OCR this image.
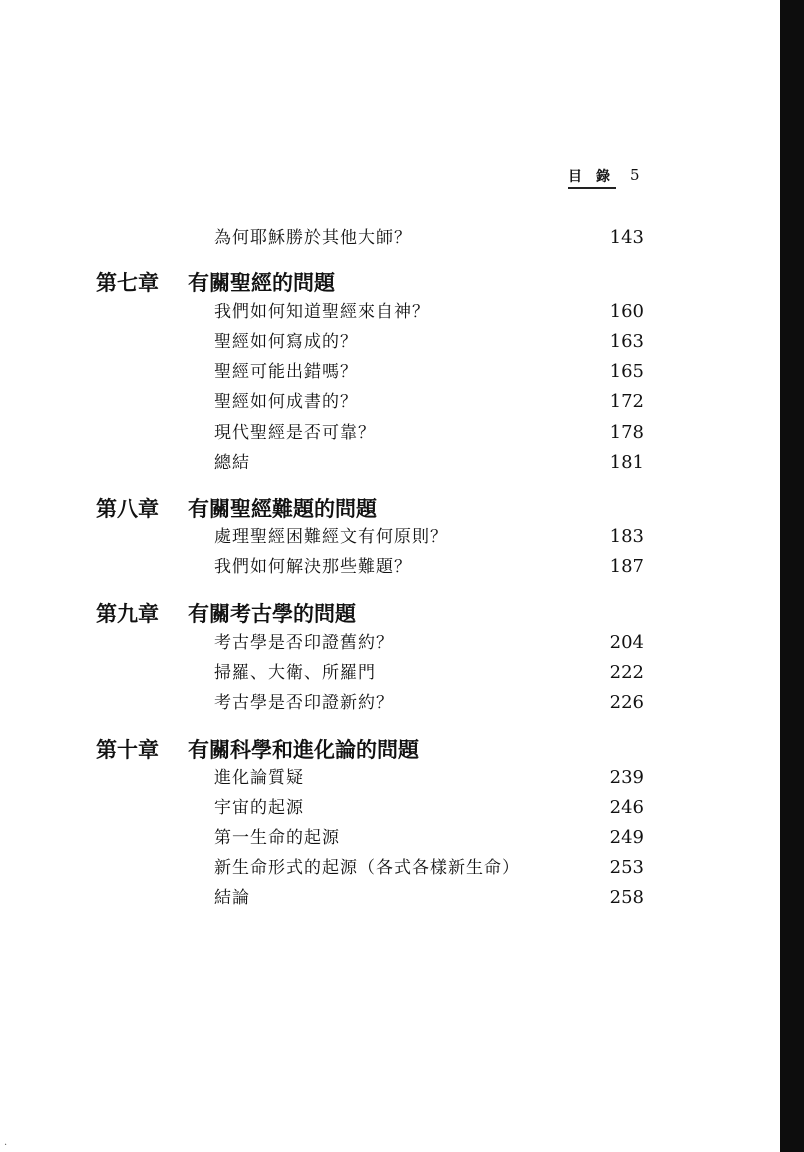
目 錄 5
為何耶穌勝於其他大師？	143
第七章 有關聖經的問題
我們如何知道聖經來自神？	160
聖經如何寫成的？	163
聖經可能出錯嗎？	165
聖經如何成書的？	172
現代聖經是否可靠？	178
總結	181
第八章 有關聖經難題的問題
處理聖經困難經文有何原則？	183
我們如何解決那些難題？	187
第九章 有關考古學的問題
考古學是否印證舊約？	204
掃羅、大衛、所羅門	222
考古學是否印證新約？	226
第十章 有關科學和進化論的問題
進化論質疑	239
宇宙的起源	246
第一生命的起源	249
新生命形式的起源（各式各樣新生命）	253
結論	258
·
